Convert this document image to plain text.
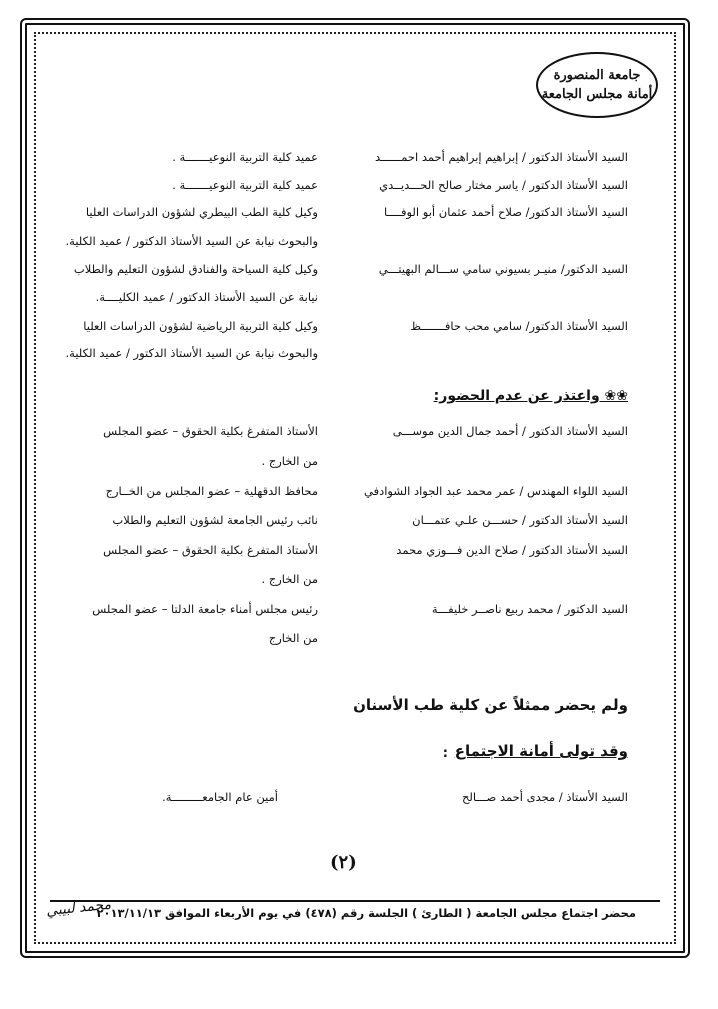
جامعة المنصورة
أمانة مجلس الجامعة
السيد الأستاذ الدكتور / إبراهيم إبراهيم أحمد احمــــــد
عميد كلية التربية النوعيـــــــة .
السيد الأستاذ الدكتور / ياسر مختار صالح الحـــديــدي
عميد كلية التربية النوعيـــــــة .
السيد الأستاذ الدكتور/ صلاح أحمد عثمان أبو الوفــــا
وكيل كلية الطب البيطري لشؤون الدراسات العليا
والبحوث نيابة عن السيد الأستاذ الدكتور / عميد الكلية.
السيد الدكتور/ منيـر بسيوني سامي ســـالم البهيتـــي
وكيل كلية السياحة والفنادق لشؤون التعليم والطلاب
نيابة عن السيد الأستاذ الدكتور / عميد الكليــــة.
السيد الأستاذ الدكتور/ سامي محب حافـــــــظ
وكيل كلية التربية الرياضية لشؤون الدراسات العليا
والبحوث نيابة عن السيد الأستاذ الدكتور / عميد الكلية.
❀❀ واعتذر عن عدم الحضور:
السيد الأستاذ الدكتور / أحمد جمال الدين موســـى
الأستاذ المتفرغ بكلية الحقوق – عضو المجلس
من الخارج .
السيد اللواء المهندس / عمر محمد عبد الجواد الشوادفي
محافظ الدقهلية – عضو المجلس من الخــارج
السيد الأستاذ الدكتور / حســـن علـي عتمـــان
نائب رئيس الجامعة لشؤون التعليم والطلاب
السيد الأستاذ الدكتور / صلاح الدين فـــوزي محمد
الأستاذ المتفرغ بكلية الحقوق – عضو المجلس
من الخارج .
السيد الدكتور / محمد ربيع ناصــر خليفـــة
رئيس مجلس أمناء جامعة الدلتا – عضو المجلس
من الخارج
ولم يحضر ممثلاً عن كلية طب الأسنان
وقد تولى أمانة الاجتماع
:
السيد الأستاذ / مجدى أحمد صـــالح
أمين عام الجامعـــــــــة.
(٢)
محضر اجتماع مجلس الجامعة ( الطارئ ) الجلسة رقم (٤٧٨) في يوم الأربعاء الموافق ٢٠١٣/١١/١٣
محمد لبيبي
